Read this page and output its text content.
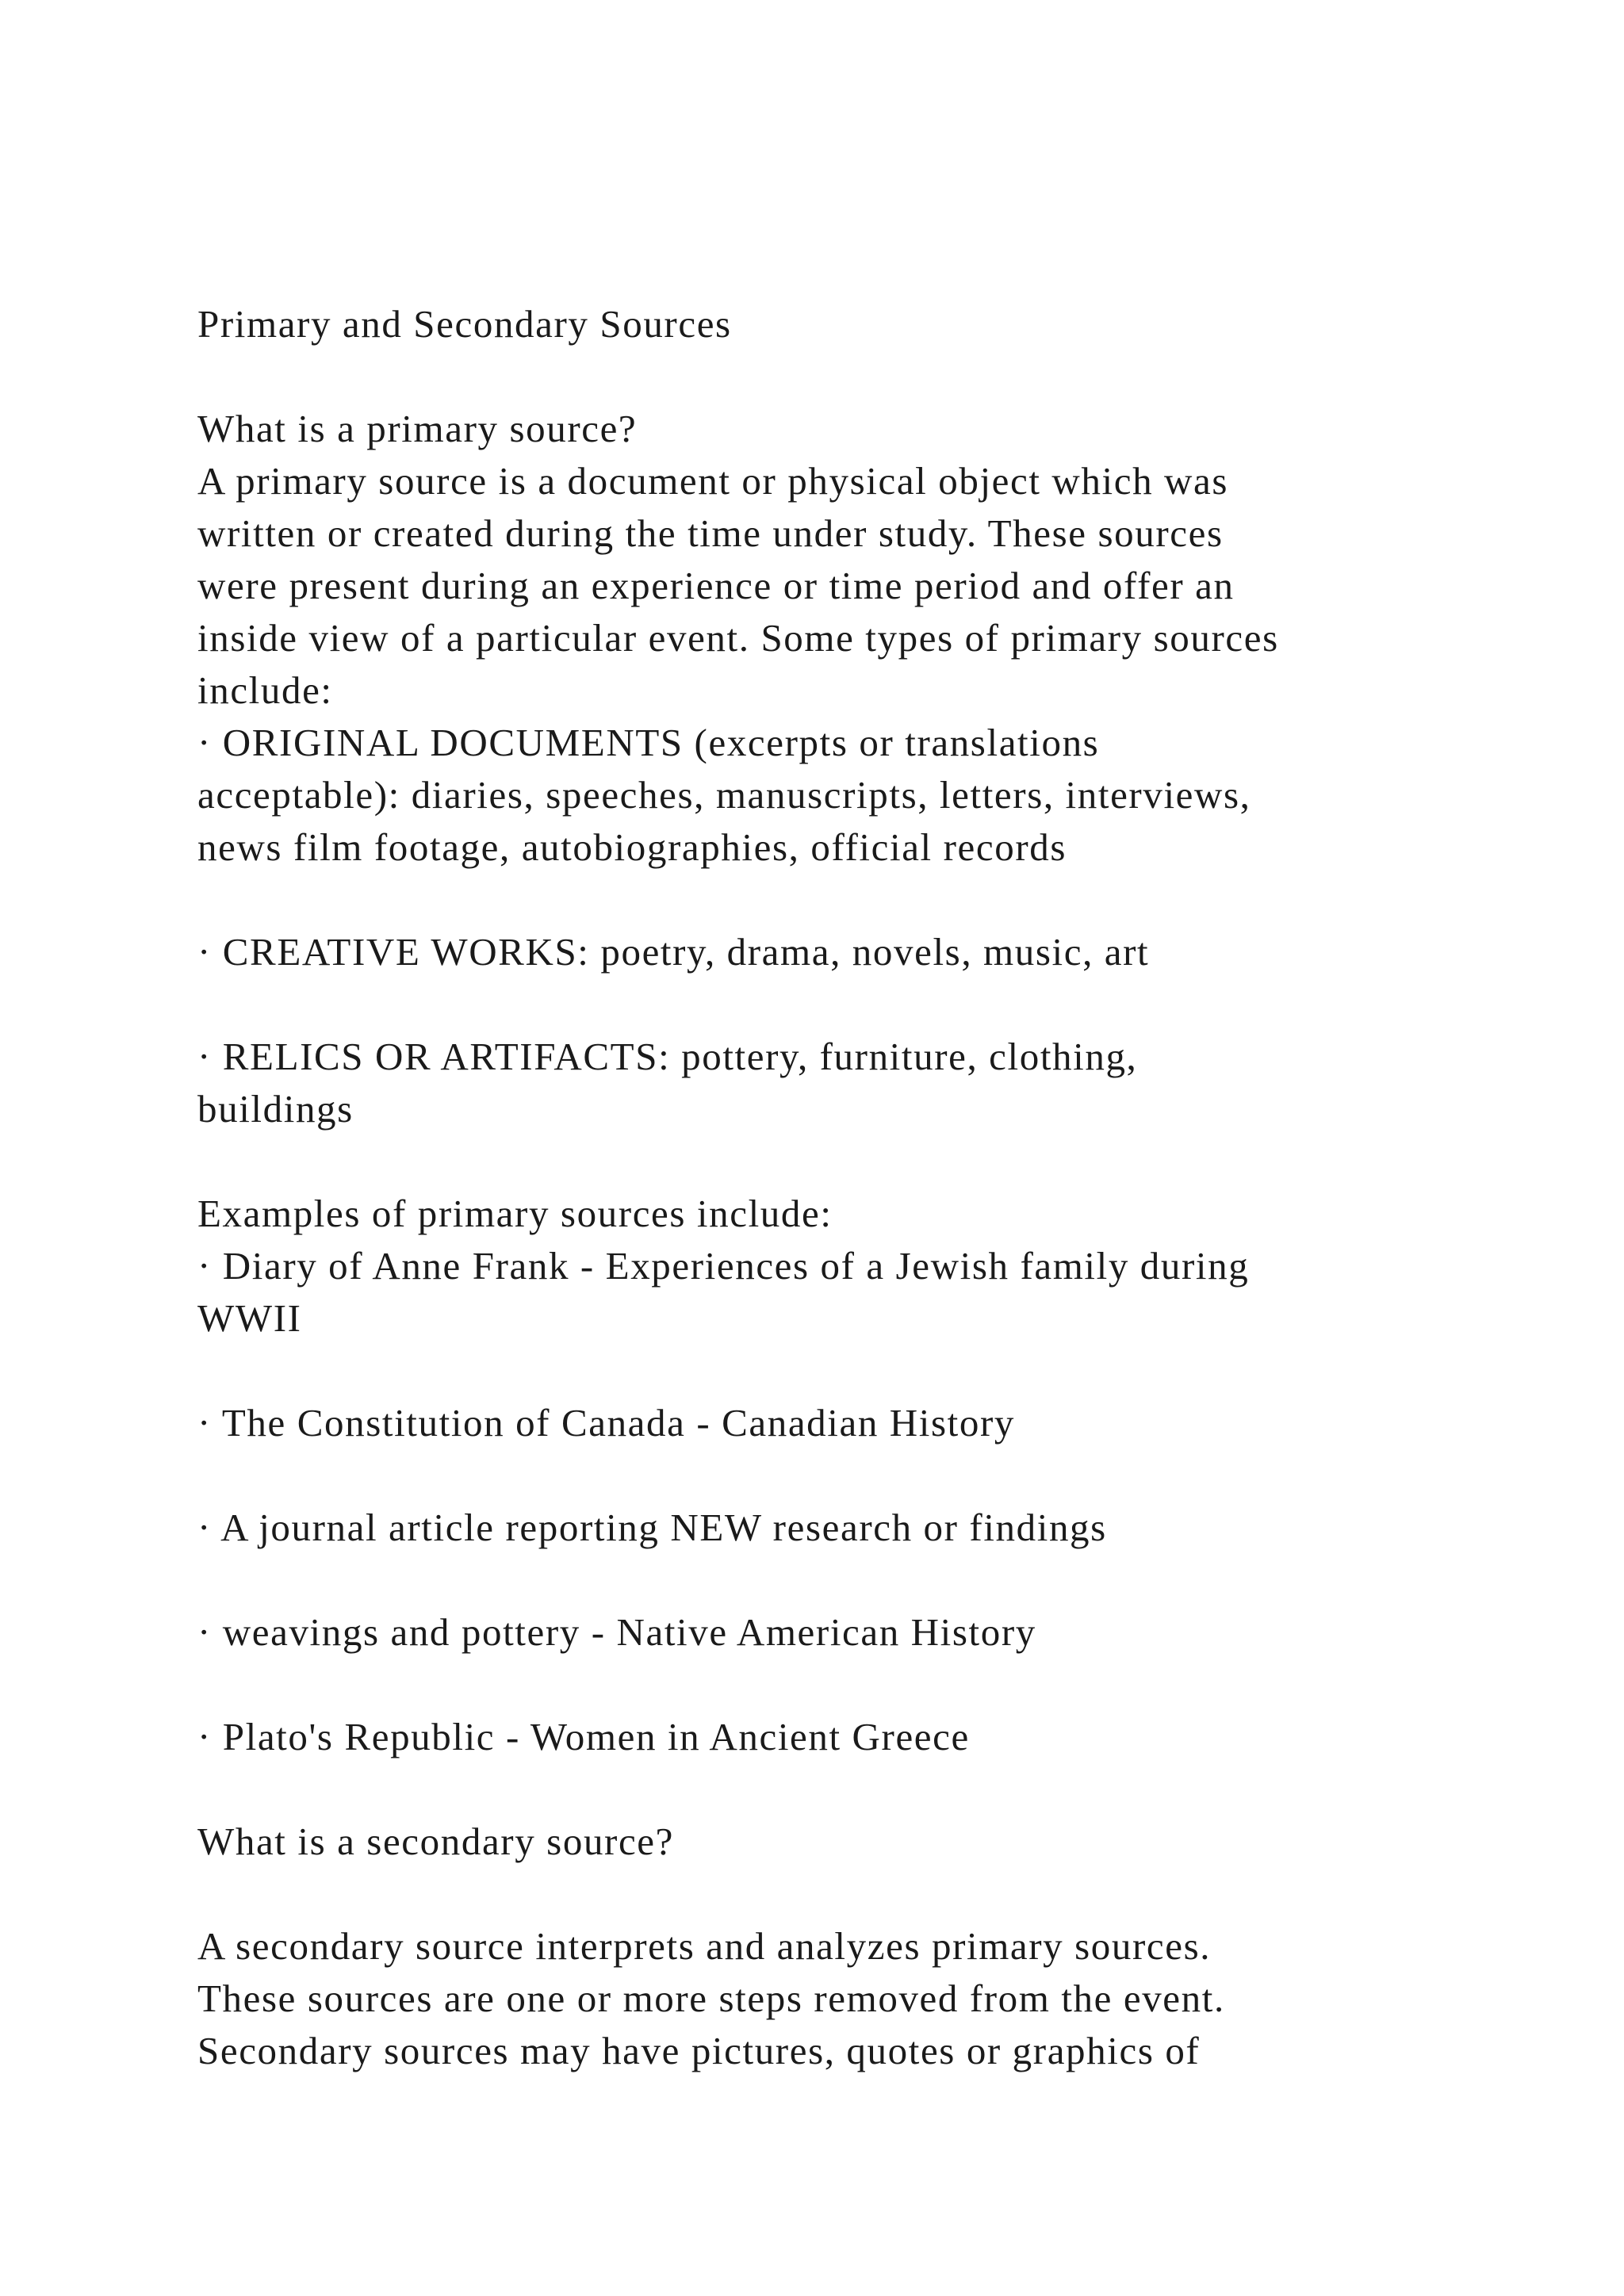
Primary and Secondary Sources
What is a primary source?
A primary source is a document or physical object which was
written or created during the time under study. These sources
were present during an experience or time period and offer an
inside view of a particular event. Some types of primary sources
include:
· ORIGINAL DOCUMENTS (excerpts or translations
acceptable): diaries, speeches, manuscripts, letters, interviews,
news film footage, autobiographies, official records
· CREATIVE WORKS: poetry, drama, novels, music, art
· RELICS OR ARTIFACTS: pottery, furniture, clothing,
buildings
Examples of primary sources include:
· Diary of Anne Frank - Experiences of a Jewish family during
WWII
· The Constitution of Canada - Canadian History
· A journal article reporting NEW research or findings
· weavings and pottery - Native American History
· Plato's Republic - Women in Ancient Greece
What is a secondary source?
A secondary source interprets and analyzes primary sources.
These sources are one or more steps removed from the event.
Secondary sources may have pictures, quotes or graphics of
